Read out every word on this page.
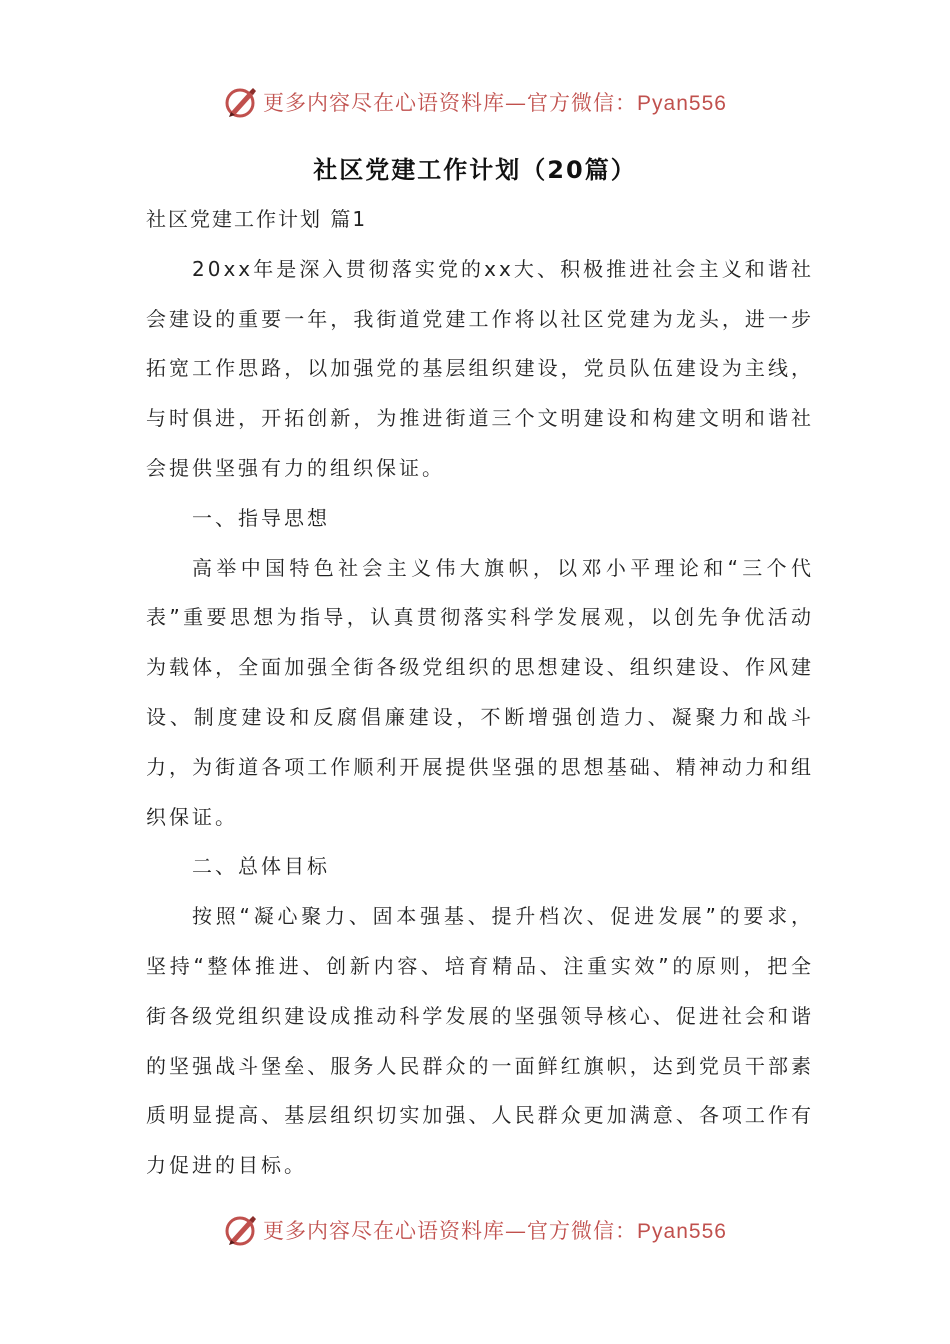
更多内容尽在心语资料库—官方微信：Pyan556
社区党建工作计划（20篇）

社区党建工作计划 篇1

20xx年是深入贯彻落实党的xx大、积极推进社会主义和谐社会建设的重要一年，我街道党建工作将以社区党建为龙头，进一步拓宽工作思路，以加强党的基层组织建设，党员队伍建设为主线，与时俱进，开拓创新，为推进街道三个文明建设和构建文明和谐社会提供坚强有力的组织保证。

一、指导思想

高举中国特色社会主义伟大旗帜，以邓小平理论和“三个代表”重要思想为指导，认真贯彻落实科学发展观，以创先争优活动为载体，全面加强全街各级党组织的思想建设、组织建设、作风建设、制度建设和反腐倡廉建设，不断增强创造力、凝聚力和战斗力，为街道各项工作顺利开展提供坚强的思想基础、精神动力和组织保证。

二、总体目标

按照“凝心聚力、固本强基、提升档次、促进发展”的要求，坚持“整体推进、创新内容、培育精品、注重实效”的原则，把全街各级党组织建设成推动科学发展的坚强领导核心、促进社会和谐的坚强战斗堡垒、服务人民群众的一面鲜红旗帜，达到党员干部素质明显提高、基层组织切实加强、人民群众更加满意、各项工作有力促进的目标。

更多内容尽在心语资料库—官方微信：Pyan556
